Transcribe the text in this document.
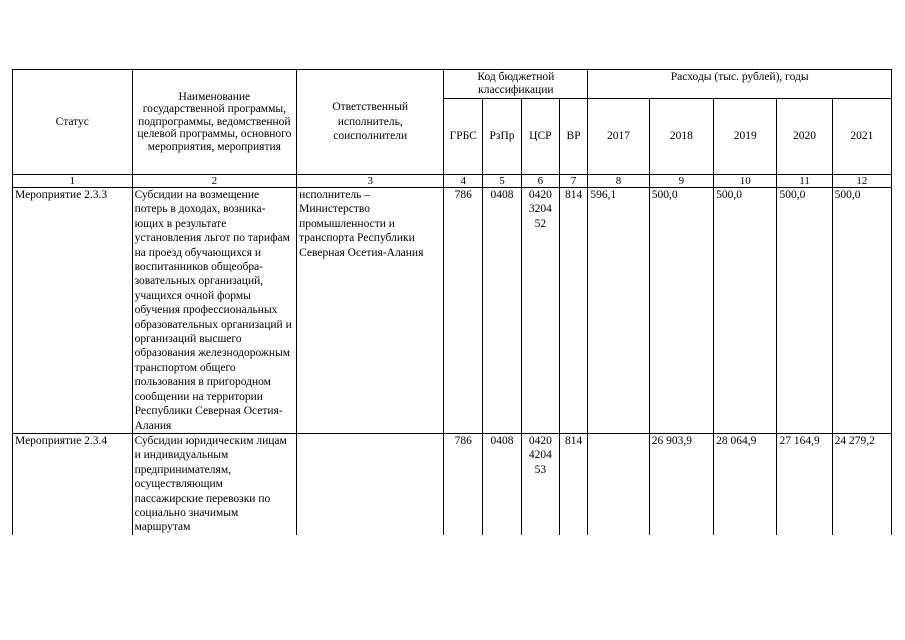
Статус	Наименование государственной программы, подпрограммы, ведомственной целевой программы, основного мероприятия, мероприятия	Ответственный исполнитель, соисполнители	Код бюджетной классификации				Расходы (тыс. рублей), годы				
			ГРБС	РзПр	ЦСР	ВР	2017	2018	2019	2020	2021
1	2	3	4	5	6	7	8	9	10	11	12
Мероприятие 2.3.3	Субсидии на возмещение потерь в доходах, возника-ющих в результате установления льгот по тарифам на проезд обучающихся и воспитанников общеобра-зовательных организаций, учащихся очной формы обучения профессиональных образовательных организаций и организаций высшего образования железнодорожным транспортом общего пользования в пригородном сообщении на территории Республики Северная Осетия-Алания	исполнитель – Министерство промышленности и транспорта Республики Северная Осетия-Алания	786	0408	0420 3204 52	814	596,1	500,0	500,0	500,0	500,0
Мероприятие 2.3.4	Субсидии юридическим лицам и индивидуальным предпринимателям, осуществляющим пассажирские перевозки по социально значимым маршрутам		786	0408	0420 4204 53	814		26 903,9	28 064,9	27 164,9	24 279,2
